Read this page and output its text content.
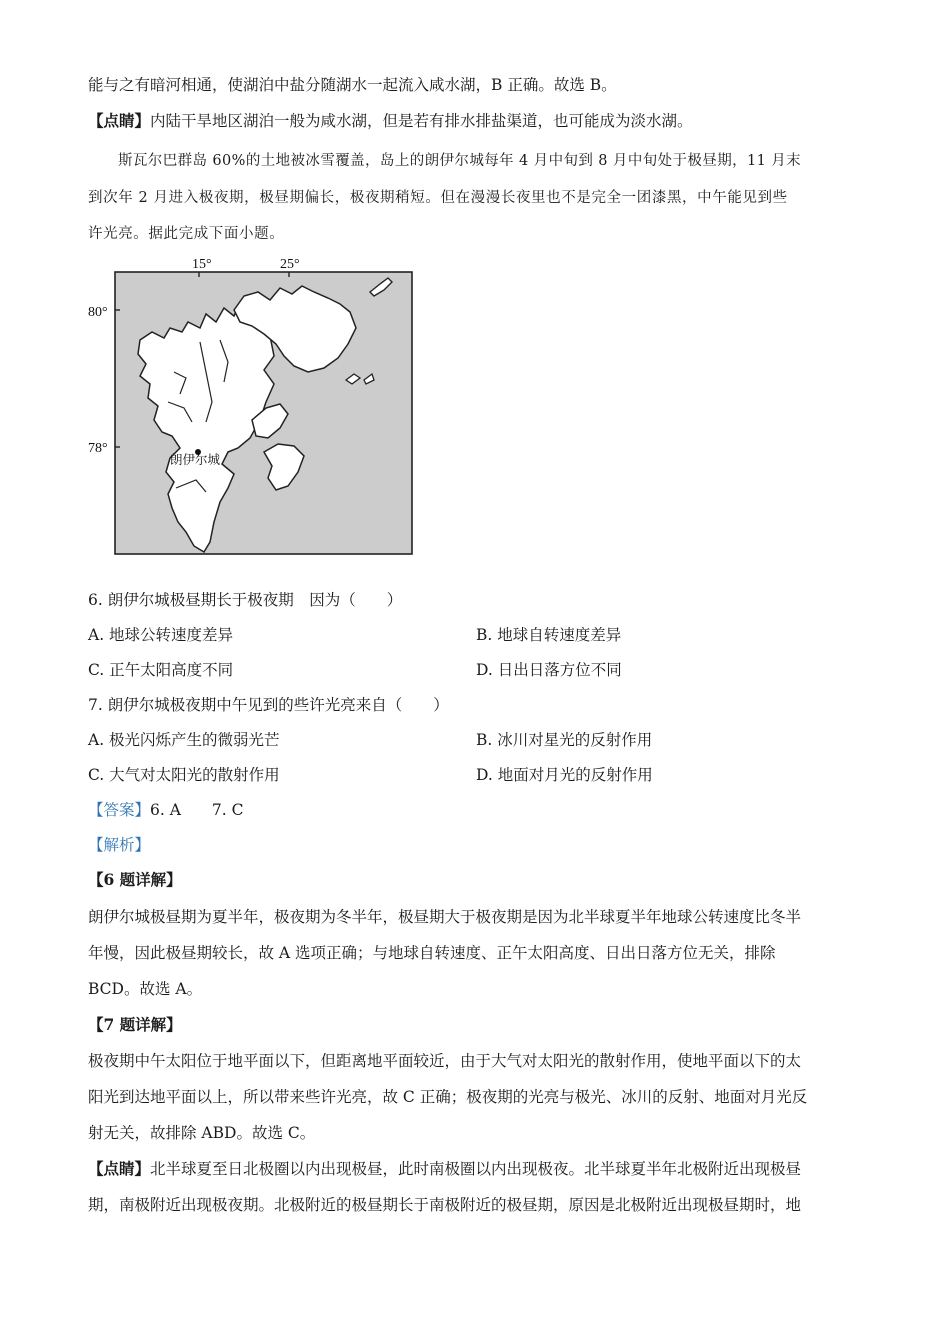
能与之有暗河相通，使湖泊中盐分随湖水一起流入咸水湖，B 正确。故选 B。
【点睛】内陆干旱地区湖泊一般为咸水湖，但是若有排水排盐渠道，也可能成为淡水湖。
斯瓦尔巴群岛 60%的土地被冰雪覆盖，岛上的朗伊尔城每年 4 月中旬到 8 月中旬处于极昼期，11 月末
到次年 2 月进入极夜期，极昼期偏长，极夜期稍短。但在漫漫长夜里也不是完全一团漆黑，中午能见到些
许光亮。据此完成下面小题。
15°	25°
80°
78°
朗伊尔城
6. 朗伊尔城极昼期长于极夜期　因为（　　）
A. 地球公转速度差异	B. 地球自转速度差异
C. 正午太阳高度不同	D. 日出日落方位不同
7. 朗伊尔城极夜期中午见到的些许光亮来自（　　）
A. 极光闪烁产生的微弱光芒	B. 冰川对星光的反射作用
C. 大气对太阳光的散射作用	D. 地面对月光的反射作用
【答案】6. A　　7. C
【解析】
【6 题详解】
朗伊尔城极昼期为夏半年，极夜期为冬半年，极昼期大于极夜期是因为北半球夏半年地球公转速度比冬半
年慢，因此极昼期较长，故 A 选项正确；与地球自转速度、正午太阳高度、日出日落方位无关，排除
BCD。故选 A。
【7 题详解】
极夜期中午太阳位于地平面以下，但距离地平面较近，由于大气对太阳光的散射作用，使地平面以下的太
阳光到达地平面以上，所以带来些许光亮，故 C 正确；极夜期的光亮与极光、冰川的反射、地面对月光反
射无关，故排除 ABD。故选 C。
【点睛】北半球夏至日北极圈以内出现极昼，此时南极圈以内出现极夜。北半球夏半年北极附近出现极昼
期，南极附近出现极夜期。北极附近的极昼期长于南极附近的极昼期，原因是北极附近出现极昼期时，地
